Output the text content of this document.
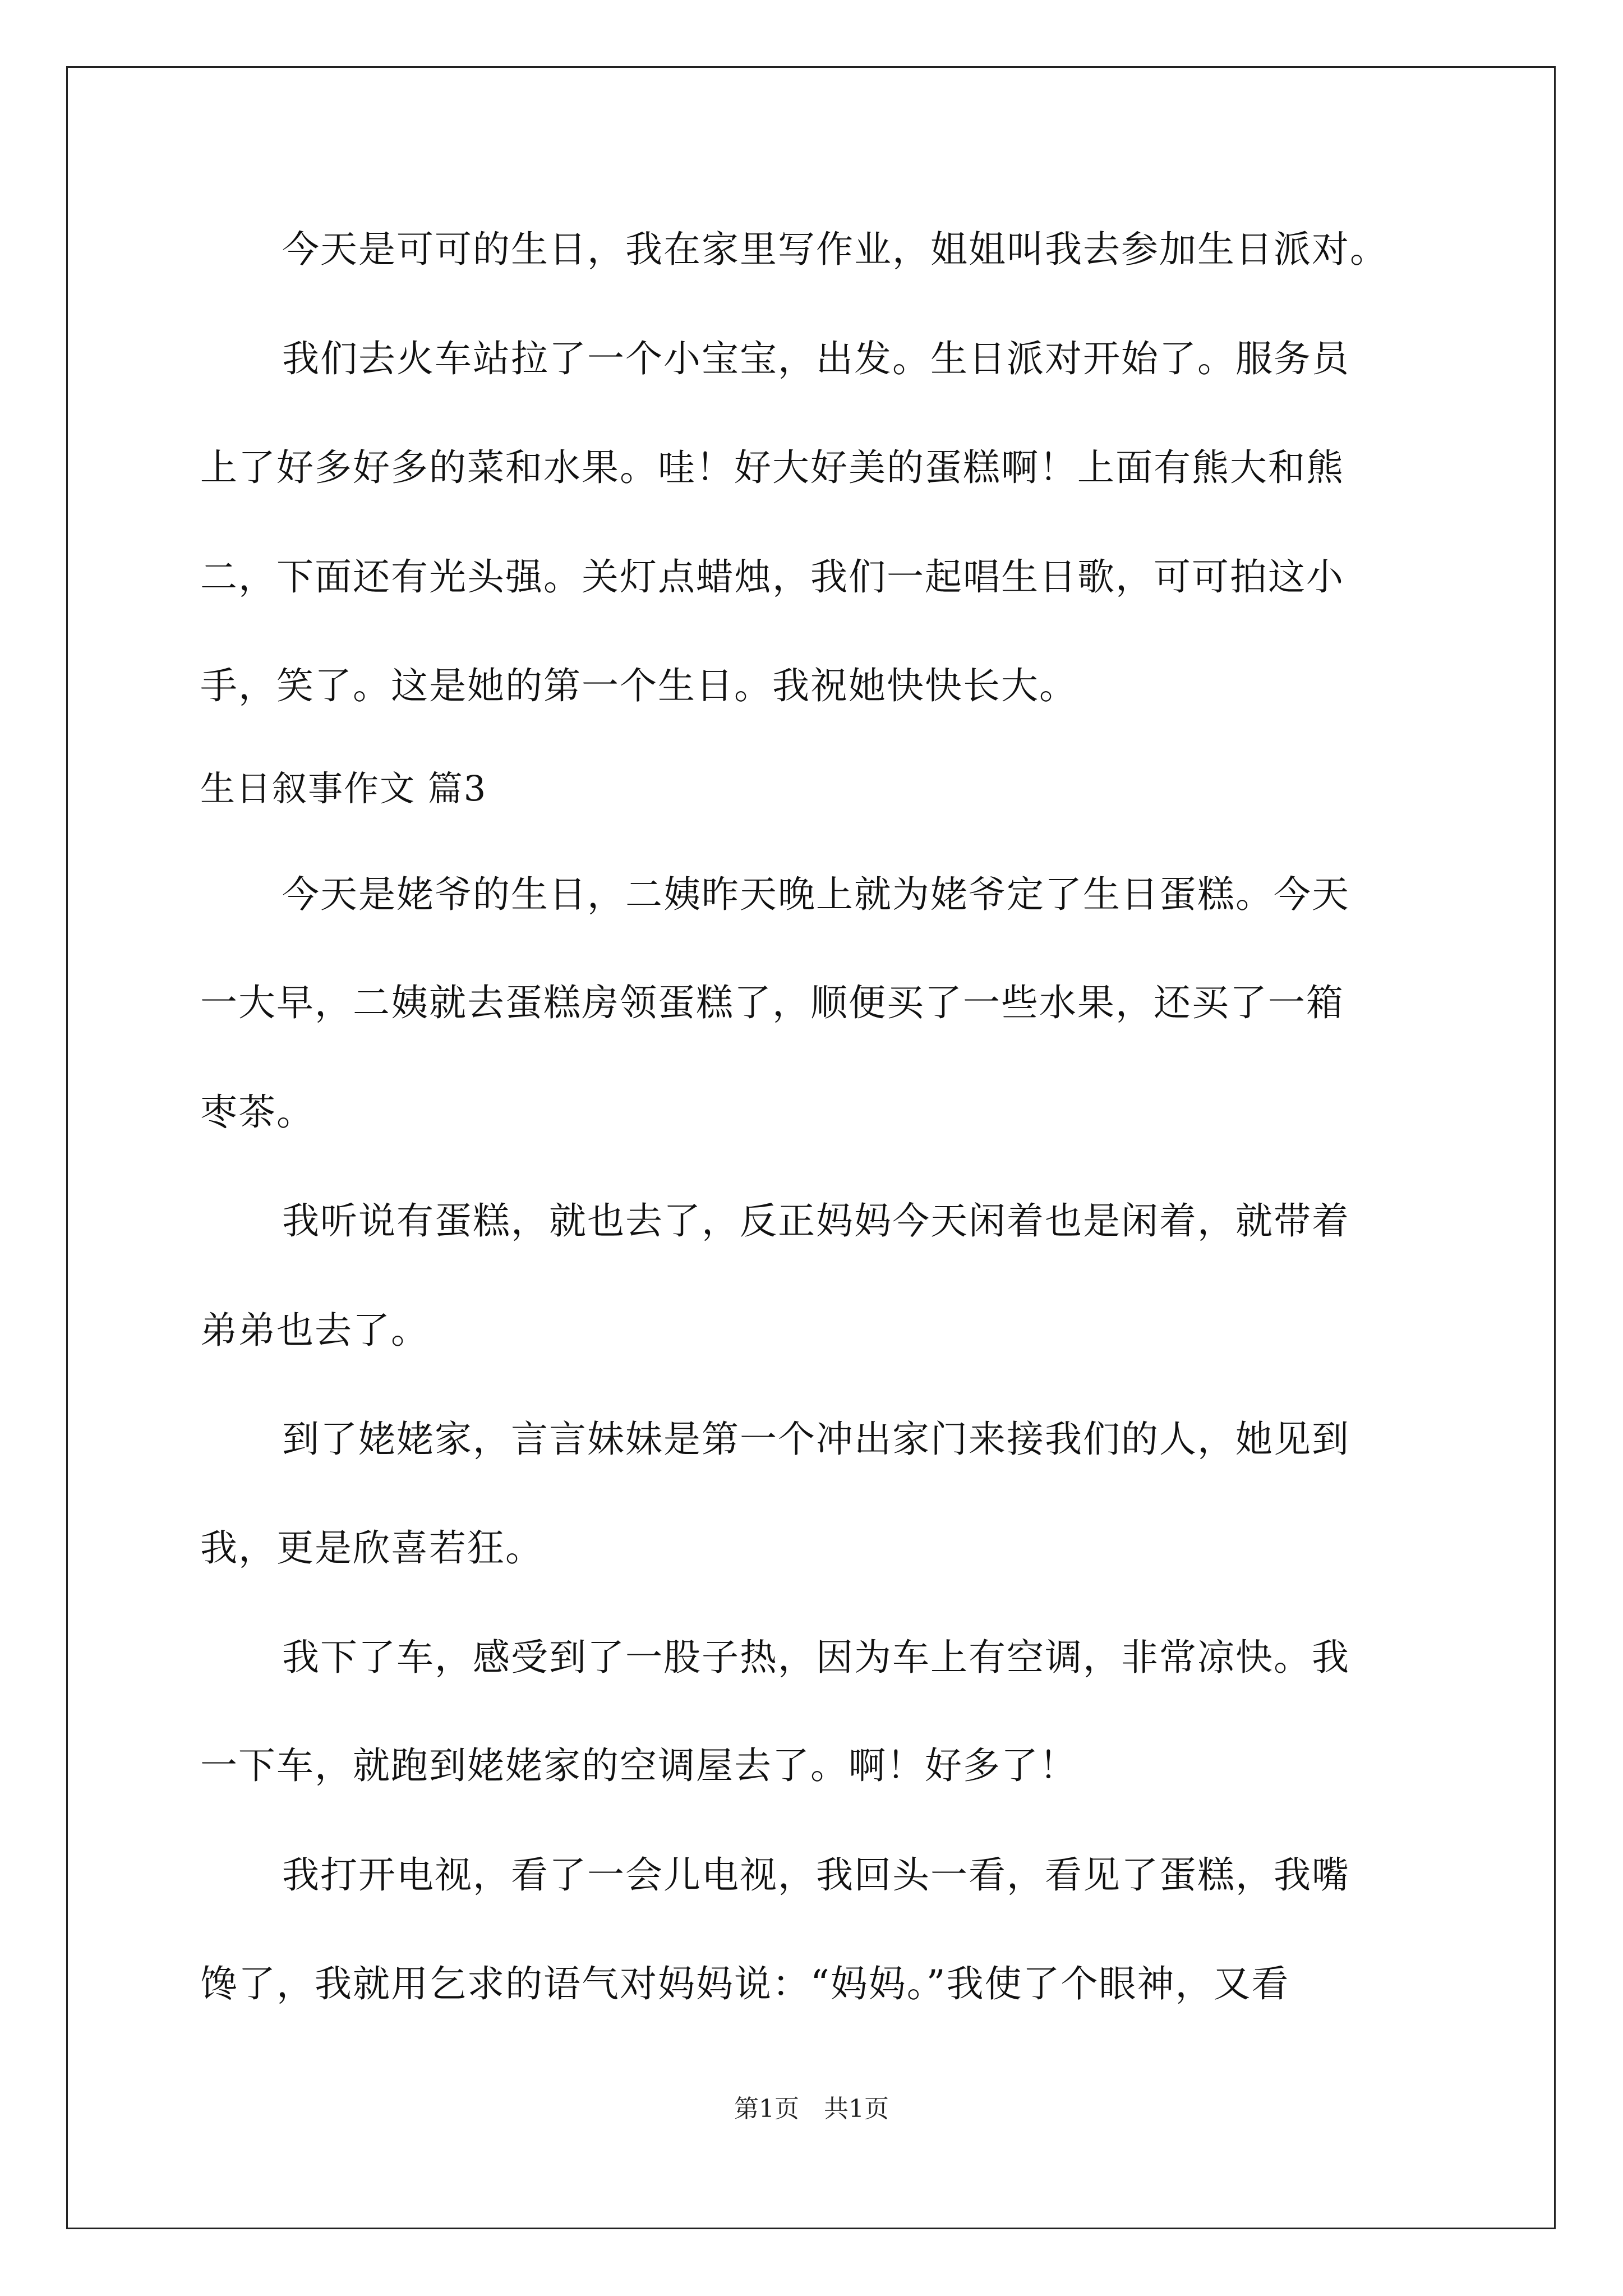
今天是可可的生日，我在家里写作业，姐姐叫我去参加生日派对。
我们去火车站拉了一个小宝宝，出发。生日派对开始了。服务员
上了好多好多的菜和水果。哇！好大好美的蛋糕啊！上面有熊大和熊
二，下面还有光头强。关灯点蜡烛，我们一起唱生日歌，可可拍这小
手，笑了。这是她的第一个生日。我祝她快快长大。
生日叙事作文 篇3
今天是姥爷的生日，二姨昨天晚上就为姥爷定了生日蛋糕。今天
一大早，二姨就去蛋糕房领蛋糕了，顺便买了一些水果，还买了一箱
枣茶。
我听说有蛋糕，就也去了，反正妈妈今天闲着也是闲着，就带着
弟弟也去了。
到了姥姥家，言言妹妹是第一个冲出家门来接我们的人，她见到
我，更是欣喜若狂。
我下了车，感受到了一股子热，因为车上有空调，非常凉快。我
一下车，就跑到姥姥家的空调屋去了。啊！好多了！
我打开电视，看了一会儿电视，我回头一看，看见了蛋糕，我嘴
馋了，我就用乞求的语气对妈妈说：“妈妈。”我使了个眼神，又看
第1页　共1页
